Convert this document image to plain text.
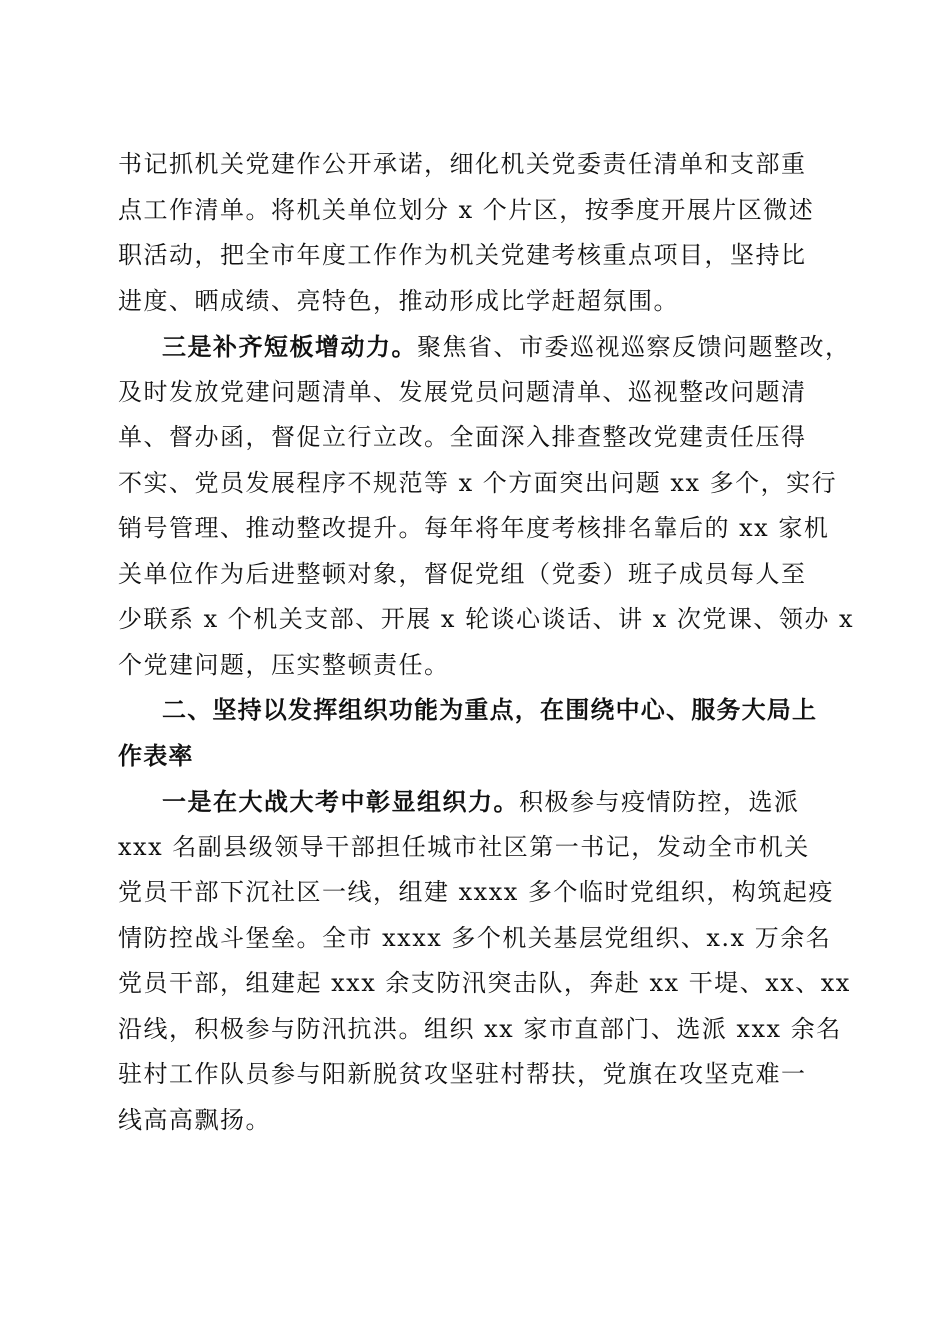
书记抓机关党建作公开承诺，细化机关党委责任清单和支部重
点工作清单。将机关单位划分 x 个片区，按季度开展片区微述
职活动，把全市年度工作作为机关党建考核重点项目，坚持比
进度、晒成绩、亮特色，推动形成比学赶超氛围。
三是补齐短板增动力。聚焦省、市委巡视巡察反馈问题整改，
及时发放党建问题清单、发展党员问题清单、巡视整改问题清
单、督办函，督促立行立改。全面深入排查整改党建责任压得
不实、党员发展程序不规范等 x 个方面突出问题 xx 多个，实行
销号管理、推动整改提升。每年将年度考核排名靠后的 xx 家机
关单位作为后进整顿对象，督促党组（党委）班子成员每人至
少联系 x 个机关支部、开展 x 轮谈心谈话、讲 x 次党课、领办 x
个党建问题，压实整顿责任。
二、坚持以发挥组织功能为重点，在围绕中心、服务大局上
作表率
一是在大战大考中彰显组织力。积极参与疫情防控，选派
xxx 名副县级领导干部担任城市社区第一书记，发动全市机关
党员干部下沉社区一线，组建 xxxx 多个临时党组织，构筑起疫
情防控战斗堡垒。全市 xxxx 多个机关基层党组织、x.x 万余名
党员干部，组建起 xxx 余支防汛突击队，奔赴 xx 干堤、xx、xx
沿线，积极参与防汛抗洪。组织 xx 家市直部门、选派 xxx 余名
驻村工作队员参与阳新脱贫攻坚驻村帮扶，党旗在攻坚克难一
线高高飘扬。
